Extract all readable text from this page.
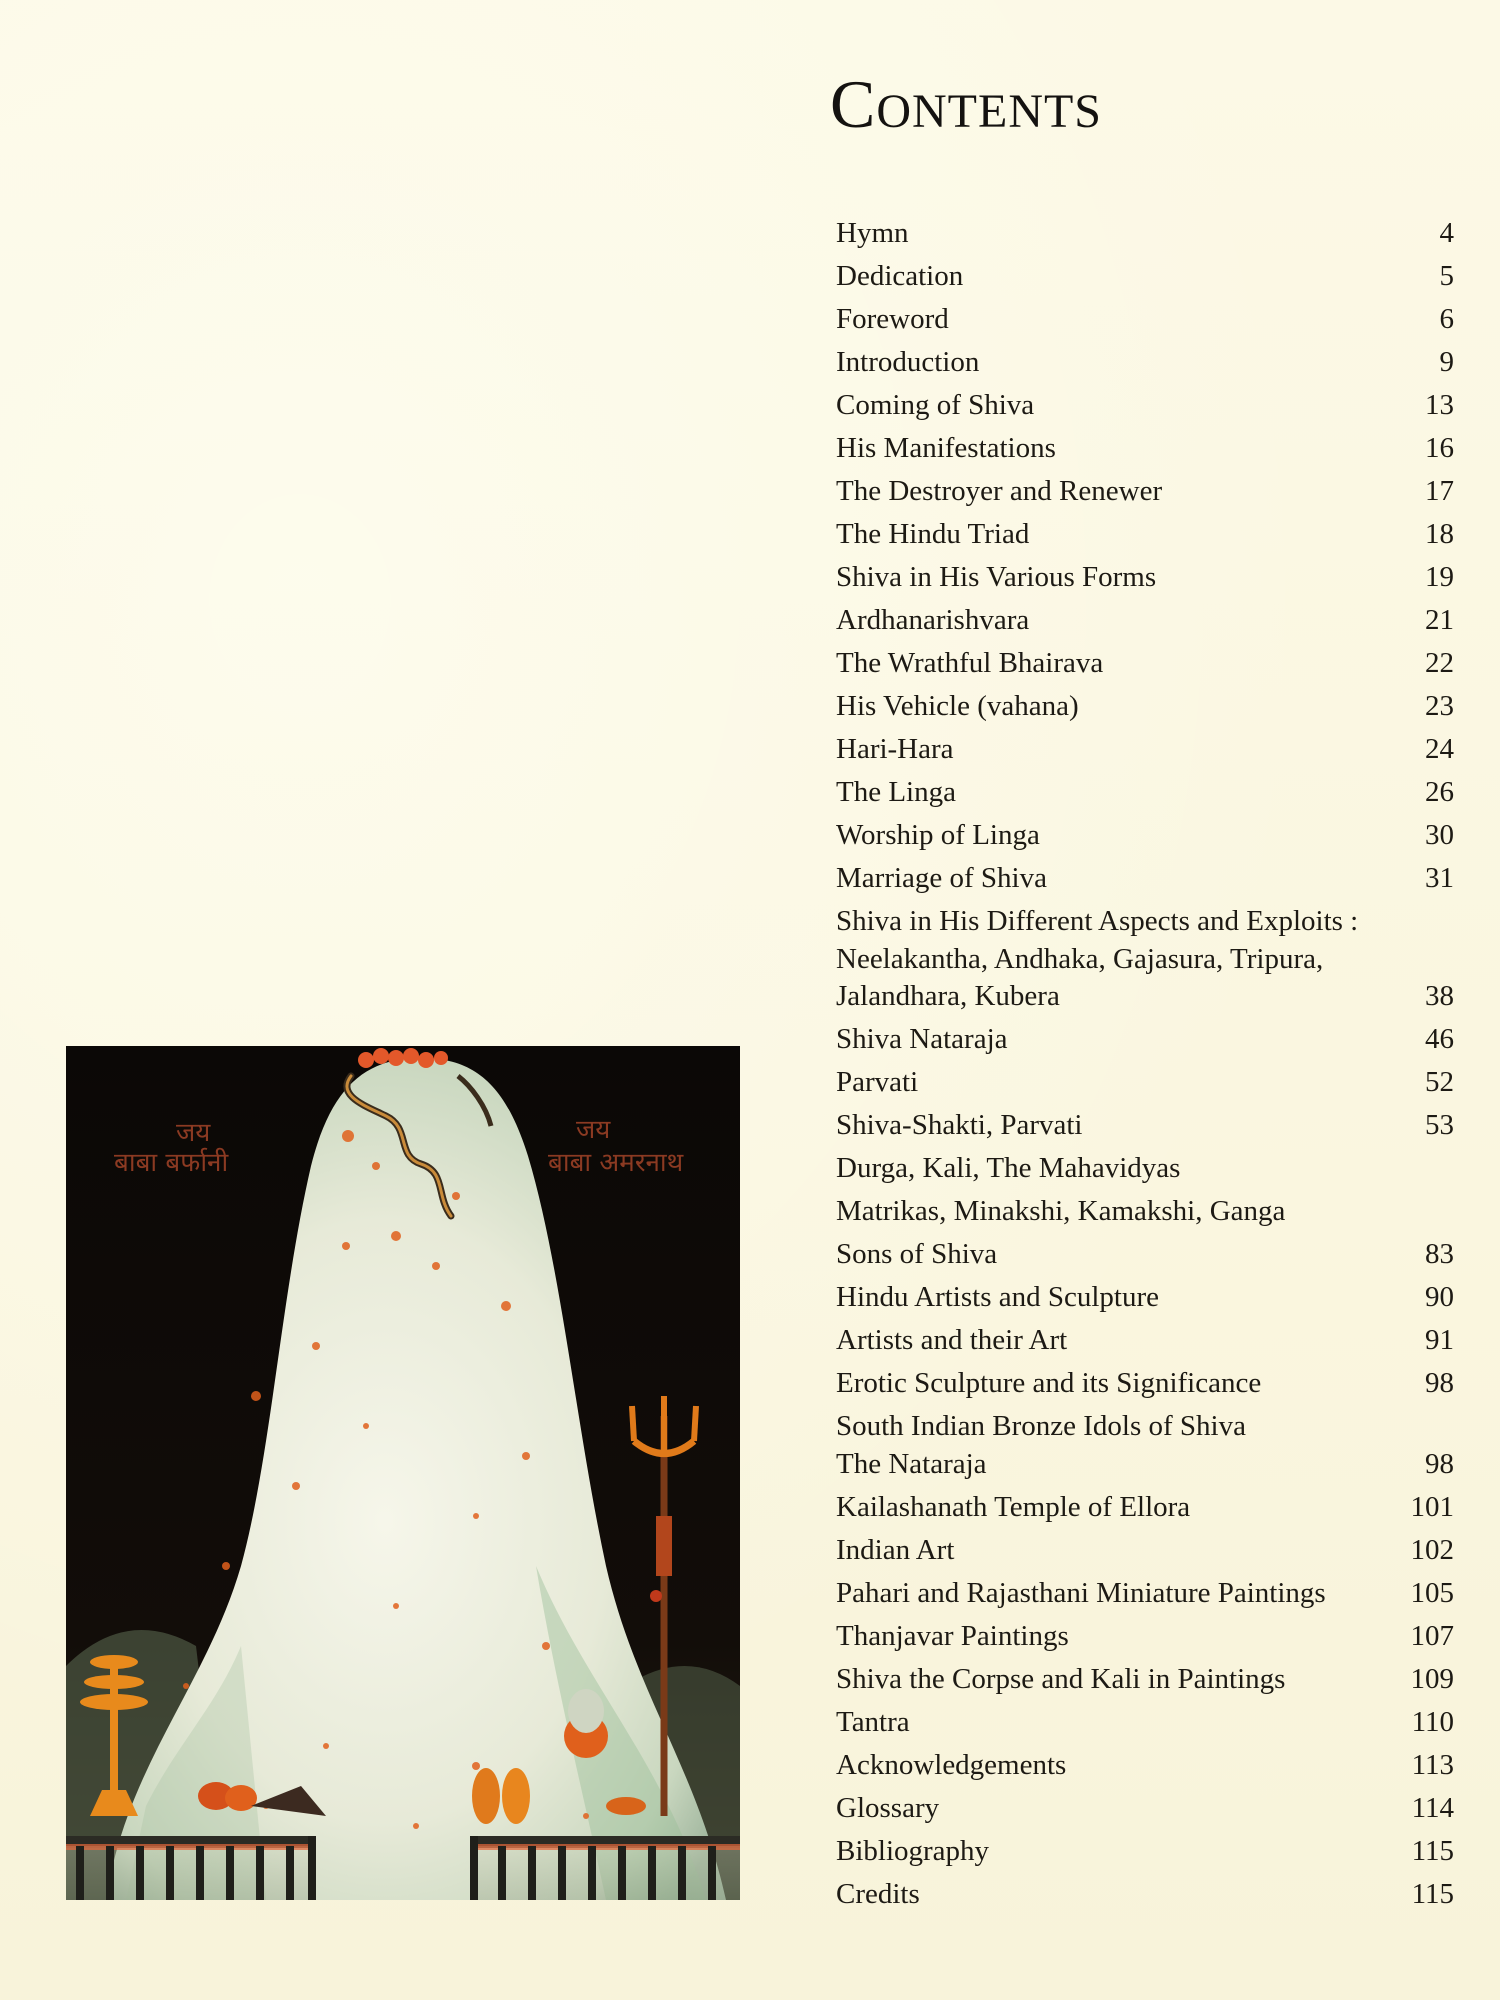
Contents
Hymn	4
Dedication	5
Foreword	6
Introduction	9
Coming of Shiva	13
His Manifestations	16
The Destroyer and Renewer	17
The Hindu Triad	18
Shiva in His Various Forms	19
Ardhanarishvara	21
The Wrathful Bhairava	22
His Vehicle (vahana)	23
Hari-Hara	24
The Linga	26
Worship of Linga	30
Marriage of Shiva	31
Shiva in His Different Aspects and Exploits :
Neelakantha, Andhaka, Gajasura, Tripura,
Jalandhara, Kubera	38
Shiva Nataraja	46
Parvati	52
Shiva-Shakti, Parvati	53
Durga, Kali, The Mahavidyas
Matrikas, Minakshi, Kamakshi, Ganga
Sons of Shiva	83
Hindu Artists and Sculpture	90
Artists and their Art	91
Erotic Sculpture and its Significance	98
South Indian Bronze Idols of Shiva
The Nataraja	98
Kailashanath Temple of Ellora	101
Indian Art	102
Pahari and Rajasthani Miniature Paintings	105
Thanjavar Paintings	107
Shiva the Corpse and Kali in Paintings	109
Tantra	110
Acknowledgements	113
Glossary	114
Bibliography	115
Credits	115
जय
बाबा बर्फानी
जय
बाबा अमरनाथ
